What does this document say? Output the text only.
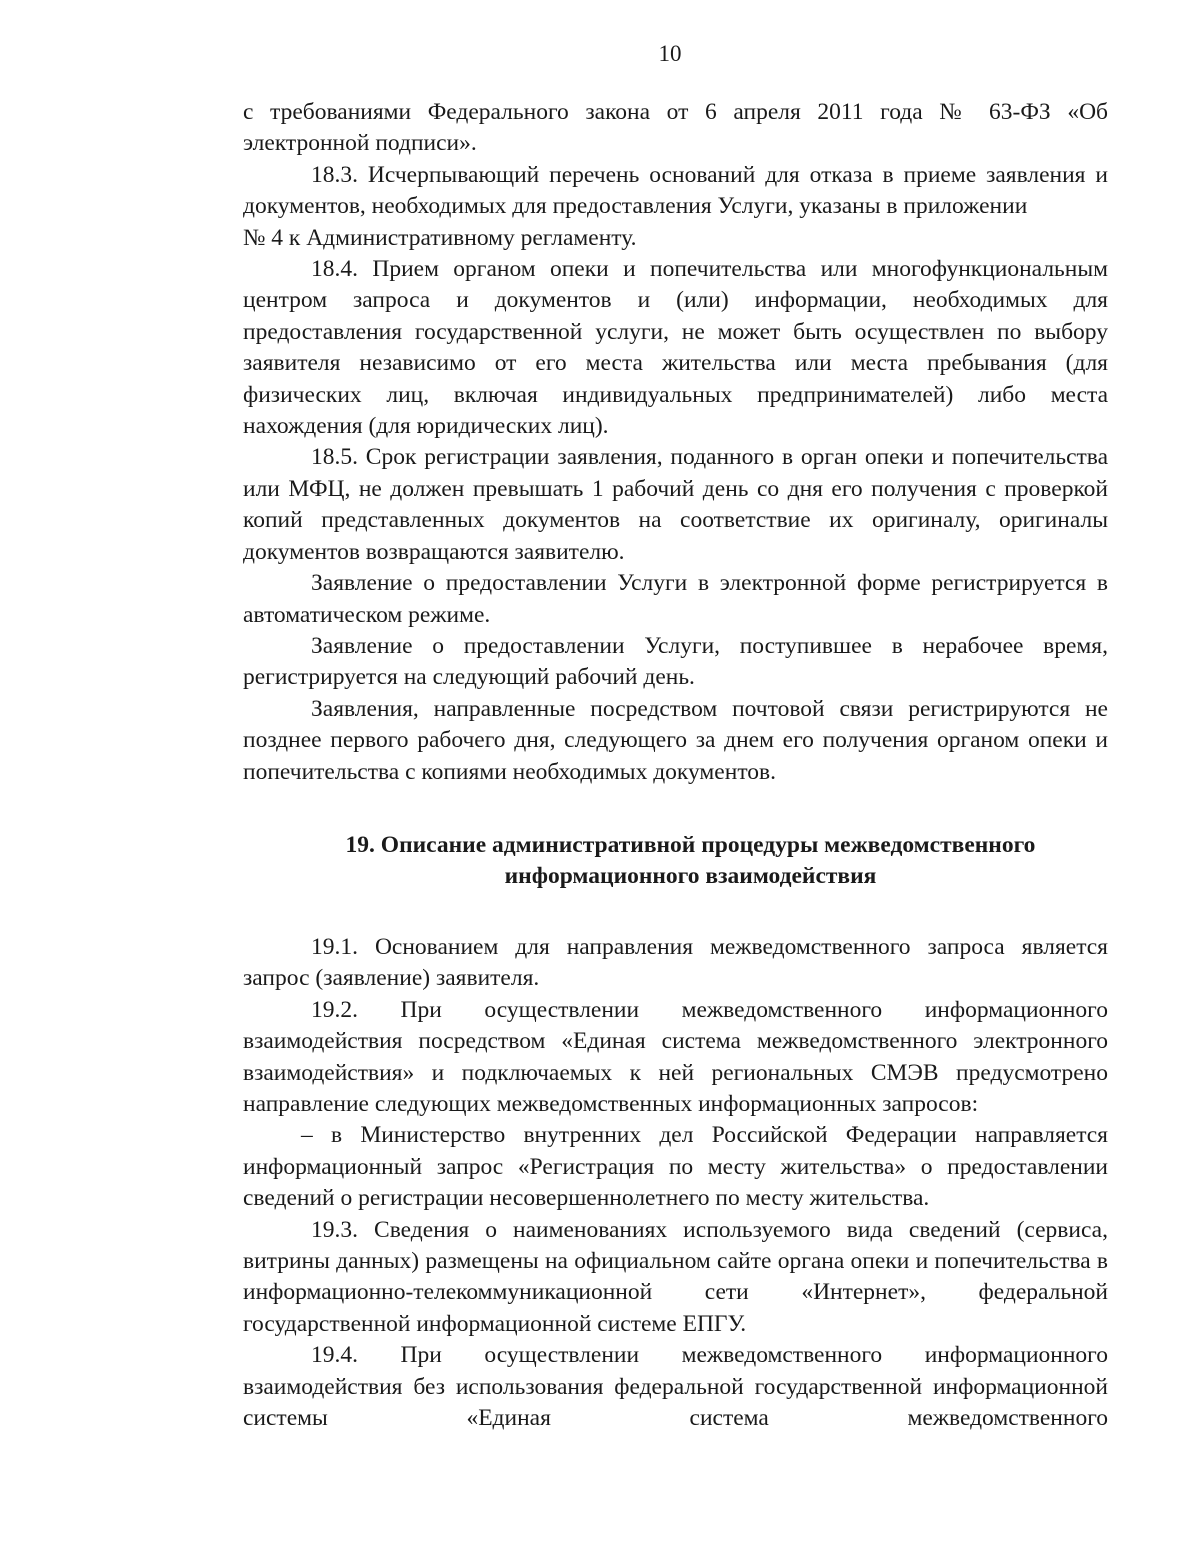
10

с требованиями Федерального закона от 6 апреля 2011 года № 63-ФЗ «Об электронной подписи».

18.3. Исчерпывающий перечень оснований для отказа в приеме заявления и документов, необходимых для предоставления Услуги, указаны в приложении

№ 4 к Административному регламенту.

18.4. Прием органом опеки и попечительства или многофункциональным центром запроса и документов и (или) информации, необходимых для предоставления государственной услуги, не может быть осуществлен по выбору заявителя независимо от его места жительства или места пребывания (для физических лиц, включая индивидуальных предпринимателей) либо места нахождения (для юридических лиц).

18.5. Срок регистрации заявления, поданного в орган опеки и попечительства или МФЦ, не должен превышать 1 рабочий день со дня его получения с проверкой копий представленных документов на соответствие их оригиналу, оригиналы документов возвращаются заявителю.

Заявление о предоставлении Услуги в электронной форме регистрируется в автоматическом режиме.

Заявление о предоставлении Услуги, поступившее в нерабочее время, регистрируется на следующий рабочий день.

Заявления, направленные посредством почтовой связи регистрируются не позднее первого рабочего дня, следующего за днем его получения органом опеки и попечительства с копиями необходимых документов.

19. Описание административной процедуры межведомственного
информационного взаимодействия

19.1. Основанием для направления межведомственного запроса является запрос (заявление) заявителя.

19.2. При осуществлении межведомственного информационного взаимодействия посредством «Единая система межведомственного электронного взаимодействия» и подключаемых к ней региональных СМЭВ предусмотрено направление следующих межведомственных информационных запросов:

– в Министерство внутренних дел Российской Федерации направляется информационный запрос «Регистрация по месту жительства» о предоставлении сведений о регистрации несовершеннолетнего по месту жительства.

19.3. Сведения о наименованиях используемого вида сведений (сервиса, витрины данных) размещены на официальном сайте органа опеки и попечительства в информационно-телекоммуникационной сети «Интернет», федеральной государственной информационной системе ЕПГУ.

19.4. При осуществлении межведомственного информационного взаимодействия без использования федеральной государственной информационной системы «Единая система межведомственного
